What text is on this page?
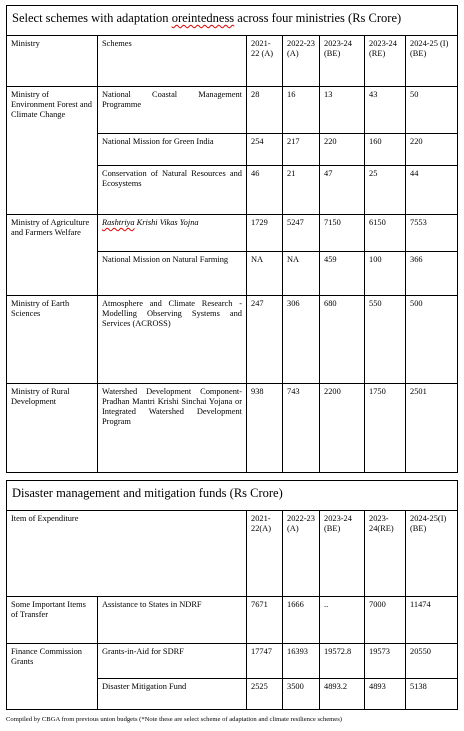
Select schemes with adaptation oreintedness across four ministries (Rs Crore)						
Ministry	Schemes	2021-22 (A)	2022-23 (A)	2023-24 (BE)	2023-24 (RE)	2024-25 (I) (BE)
Ministry of Environment Forest and Climate Change	National Coastal Management Programme	28	16	13	43	50
	National Mission for Green India	254	217	220	160	220
	Conservation of Natural Resources and Ecosystems	46	21	47	25	44
Ministry of Agriculture and Farmers Welfare	Rashtriya Krishi Vikas Yojna	1729	5247	7150	6150	7553
	National Mission on Natural Farming	NA	NA	459	100	366
Ministry of Earth Sciences	Atmosphere and Climate Research - Modelling Observing Systems and Services (ACROSS)	247	306	680	550	500
Ministry of Rural Development	Watershed Development Component- Pradhan Mantri Krishi Sinchai Yojana or Integrated Watershed Development Program	938	743	2200	1750	2501
Disaster management and mitigation funds (Rs Crore)						
Item of Expenditure		2021-22(A)	2022-23 (A)	2023-24 (BE)	2023-24(RE)	2024-25(I)(BE)
Some Important Items of Transfer	Assistance to States in NDRF	7671	1666	..	7000	11474
Finance Commission Grants	Grants-in-Aid for SDRF	17747	16393	19572.8	19573	20550
	Disaster Mitigation Fund	2525	3500	4893.2	4893	5138
Compiled by CBGA from previous union budgets (*Note these are select scheme of adaptation and climate resilience schemes)
